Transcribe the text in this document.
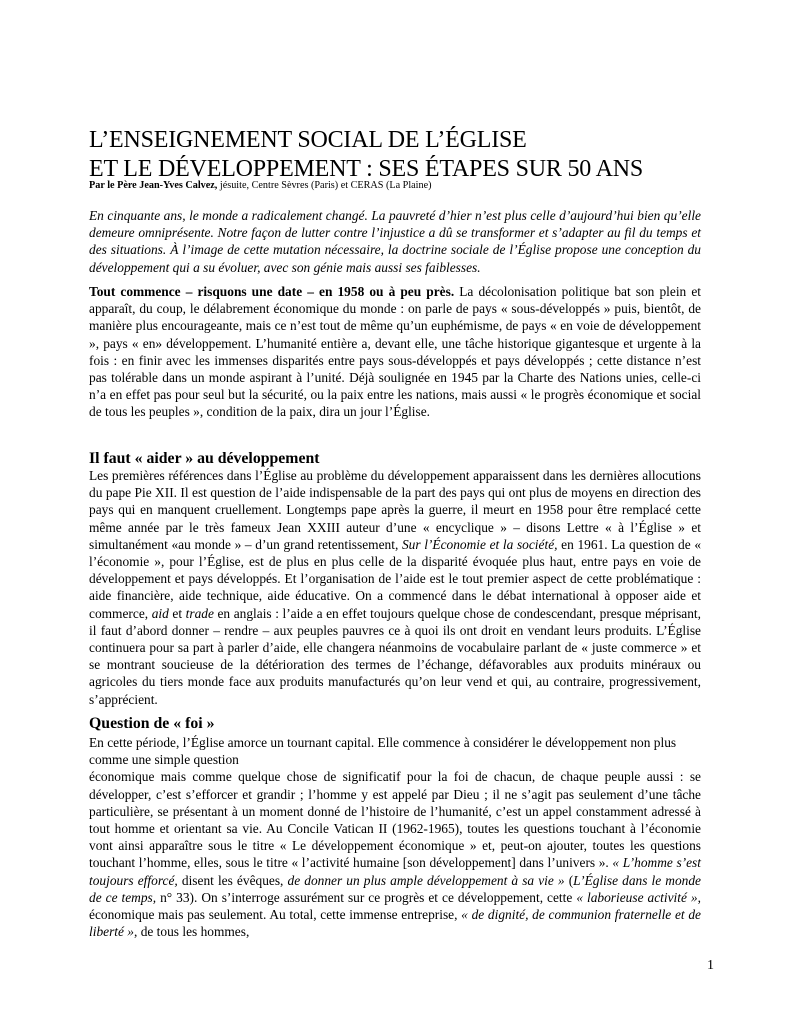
L’ENSEIGNEMENT SOCIAL DE L’ÉGLISE
ET LE DÉVELOPPEMENT : SES ÉTAPES SUR 50 ANS
Par le Père Jean-Yves Calvez, jésuite, Centre Sèvres (Paris) et CERAS (La Plaine)
En cinquante ans, le monde a radicalement changé. La pauvreté d’hier n’est plus celle d’aujourd’hui bien qu’elle demeure omniprésente. Notre façon de lutter contre l’injustice a dû se transformer et s’adapter au fil du temps et des situations. À l’image de cette mutation nécessaire, la doctrine sociale de l’Église propose une conception du développement qui a su évoluer, avec son génie mais aussi ses faiblesses.
Tout commence – risquons une date – en 1958 ou à peu près. La décolonisation politique bat son plein et apparaît, du coup, le délabrement économique du monde : on parle de pays « sous-développés » puis, bientôt, de manière plus encourageante, mais ce n’est tout de même qu’un euphémisme, de pays « en voie de développement », pays « en» développement. L’humanité entière a, devant elle, une tâche historique gigantesque et urgente à la fois : en finir avec les immenses disparités entre pays sous-développés et pays développés ; cette distance n’est pas tolérable dans un monde aspirant à l’unité. Déjà soulignée en 1945 par la Charte des Nations unies, celle-ci n’a en effet pas pour seul but la sécurité, ou la paix entre les nations, mais aussi « le progrès économique et social de tous les peuples », condition de la paix, dira un jour l’Église.
Il faut « aider » au développement
Les premières références dans l’Église au problème du développement apparaissent dans les dernières allocutions du pape Pie XII. Il est question de l’aide indispensable de la part des pays qui ont plus de moyens en direction des pays qui en manquent cruellement. Longtemps pape après la guerre, il meurt en 1958 pour être remplacé cette même année par le très fameux Jean XXIII auteur d’une « encyclique » – disons Lettre « à l’Église » et simultanément «au monde » – d’un grand retentissement, Sur l’Économie et la société, en 1961. La question de « l’économie », pour l’Église, est de plus en plus celle de la disparité évoquée plus haut, entre pays en voie de développement et pays développés. Et l’organisation de l’aide est le tout premier aspect de cette problématique : aide financière, aide technique, aide éducative. On a commencé dans le débat international à opposer aide et commerce, aid et trade en anglais : l’aide a en effet toujours quelque chose de condescendant, presque méprisant, il faut d’abord donner – rendre – aux peuples pauvres ce à quoi ils ont droit en vendant leurs produits. L’Église continuera pour sa part à parler d’aide, elle changera néanmoins de vocabulaire parlant de « juste commerce » et se montrant soucieuse de la détérioration des termes de l’échange, défavorables aux produits minéraux ou agricoles du tiers monde face aux produits manufacturés qu’on leur vend et qui, au contraire, progressivement, s’apprécient.
Question de « foi »
En cette période, l’Église amorce un tournant capital. Elle commence à considérer le développement non plus comme une simple question
économique mais comme quelque chose de significatif pour la foi de chacun, de chaque peuple aussi : se développer, c’est s’efforcer et grandir ; l’homme y est appelé par Dieu ; il ne s’agit pas seulement d’une tâche particulière, se présentant à un moment donné de l’histoire de l’humanité, c’est un appel constamment adressé à tout homme et orientant sa vie. Au Concile Vatican II (1962-1965), toutes les questions touchant à l’économie vont ainsi apparaître sous le titre « Le développement économique » et, peut-on ajouter, toutes les questions touchant l’homme, elles, sous le titre « l’activité humaine [son développement] dans l’univers ». « L’homme s’est toujours efforcé, disent les évêques, de donner un plus ample développement à sa vie » (L’Église dans le monde de ce temps, n° 33). On s’interroge assurément sur ce progrès et ce développement, cette « laborieuse activité », économique mais pas seulement. Au total, cette immense entreprise, « de dignité, de communion fraternelle et de liberté », de tous les hommes,
1
